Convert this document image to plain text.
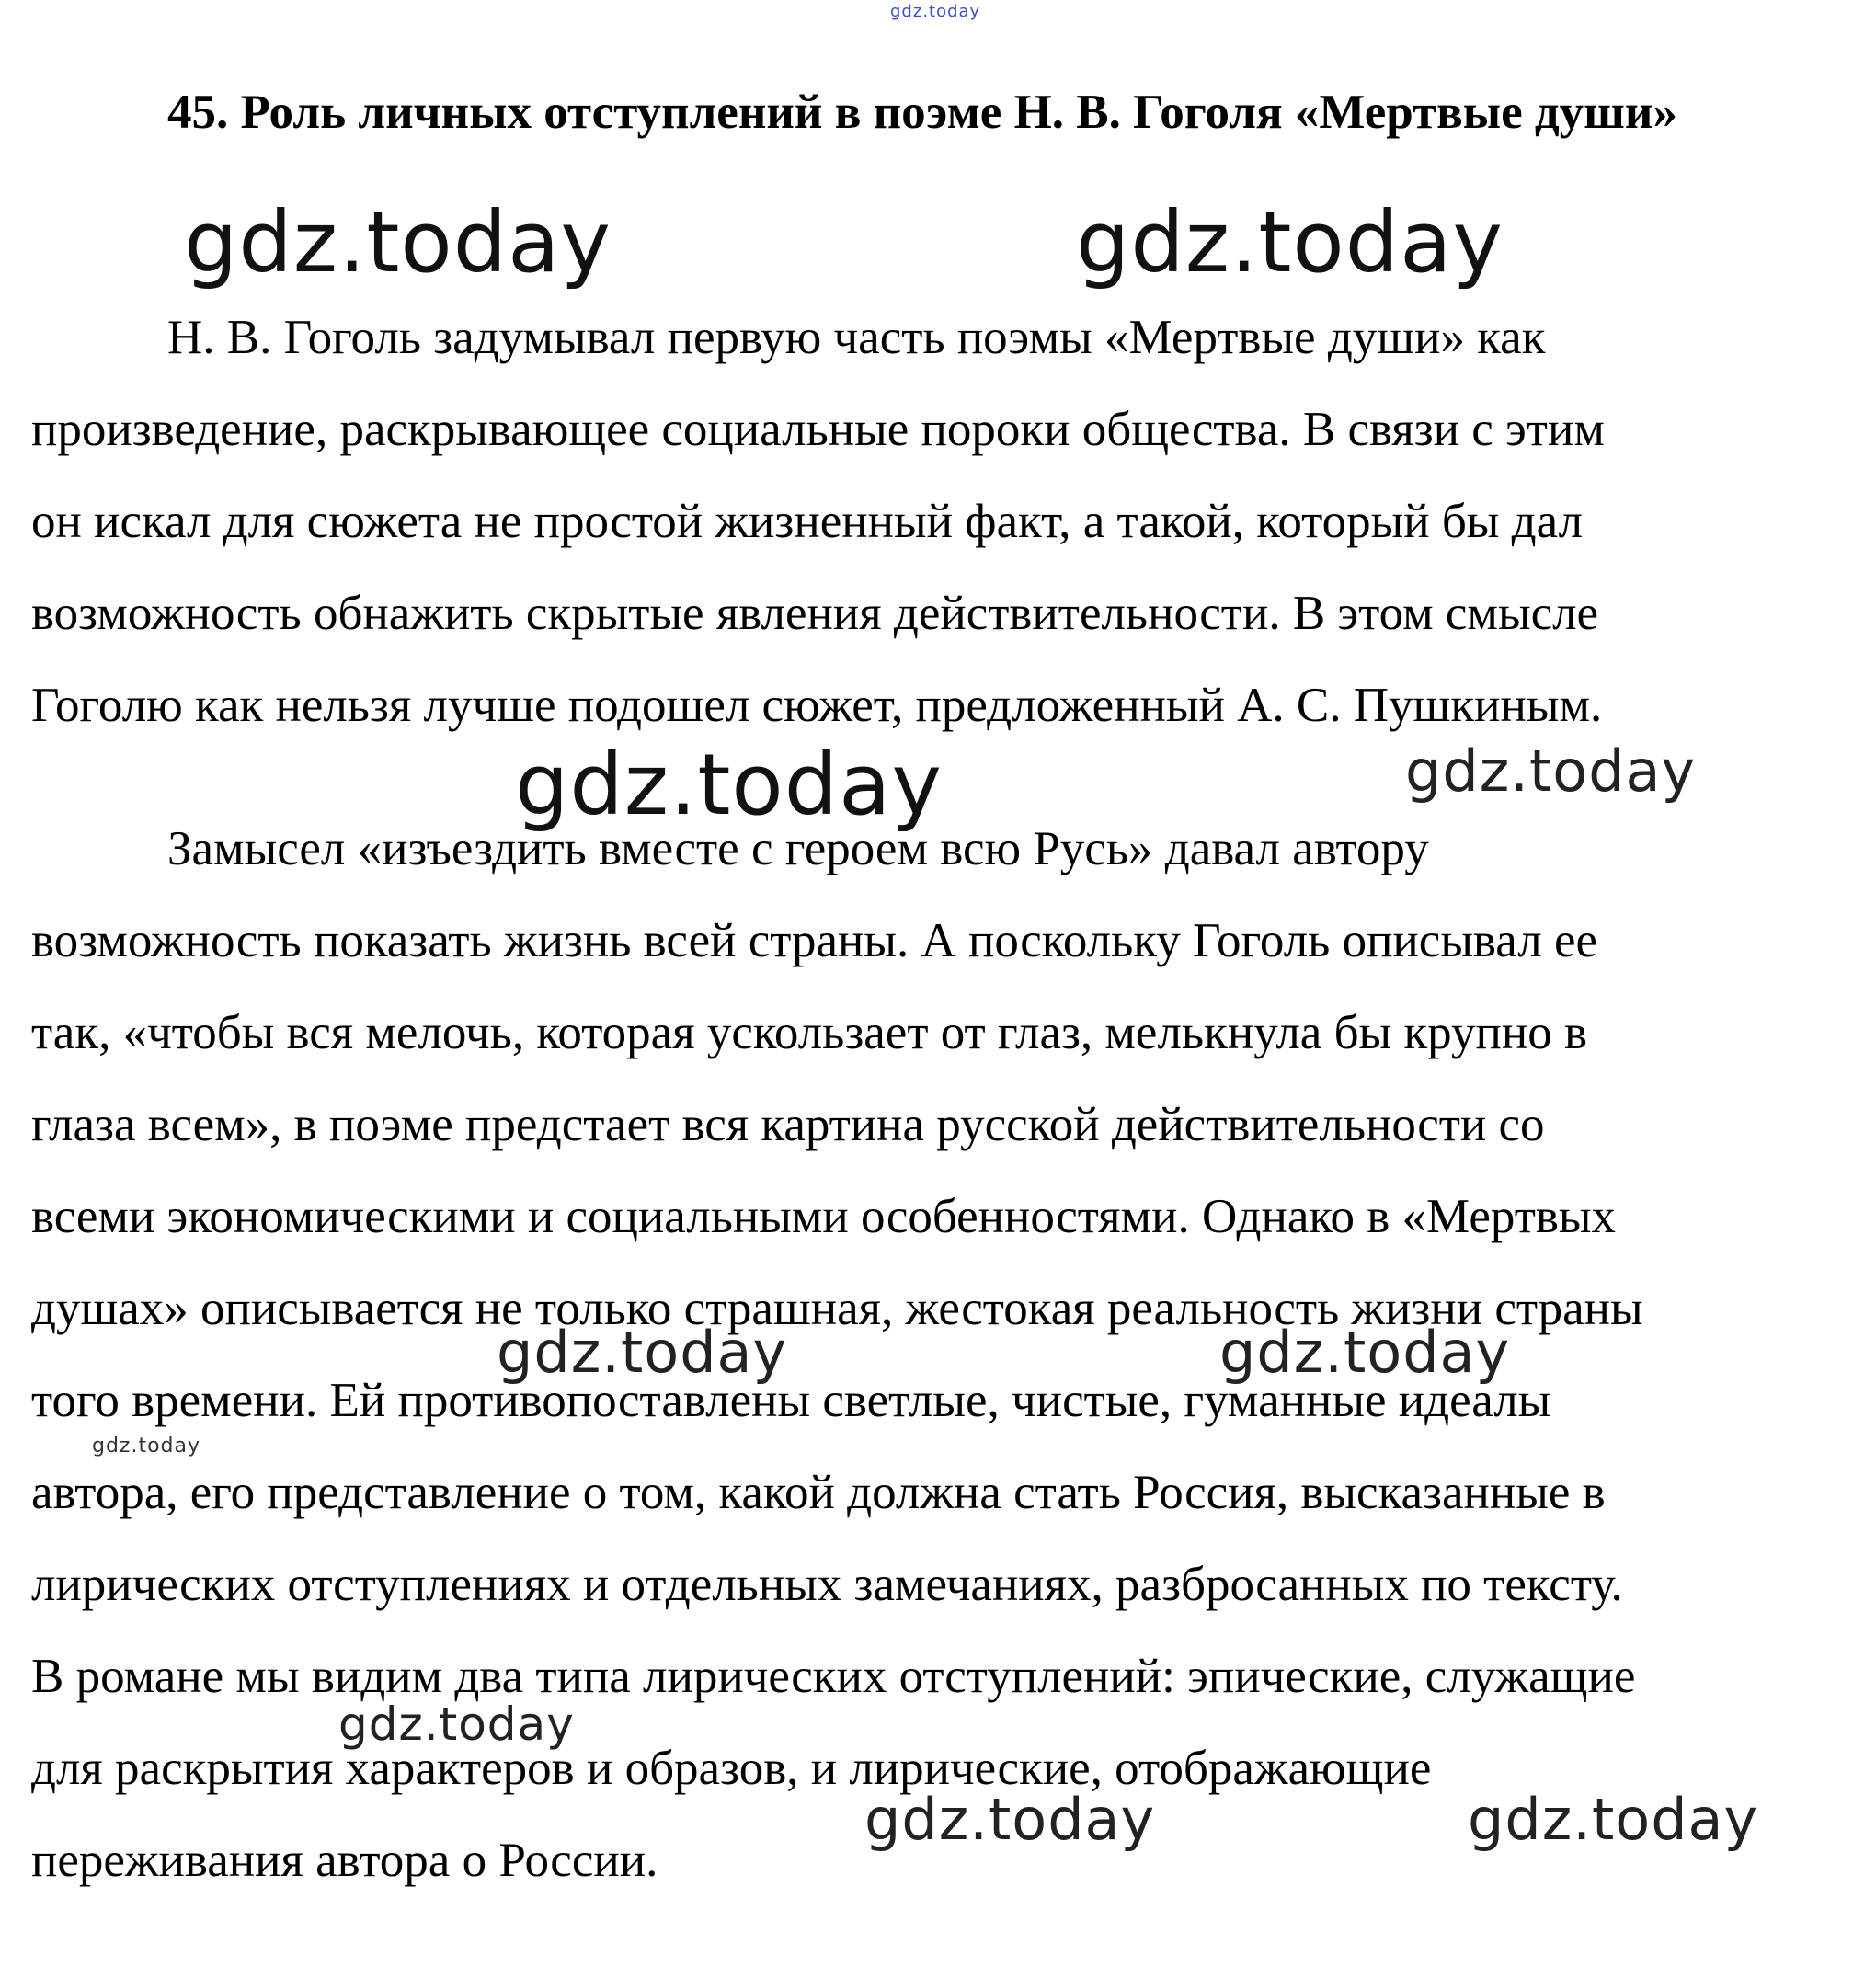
gdz.today
45. Роль личных отступлений в поэме Н. В. Гоголя «Мертвые души»
Н. В. Гоголь задумывал первую часть поэмы «Мертвые души» как
произведение, раскрывающее социальные пороки общества. В связи с этим
он искал для сюжета не простой жизненный факт, а такой, который бы дал
возможность обнажить скрытые явления действительности. В этом смысле
Гоголю как нельзя лучше подошел сюжет, предложенный А. С. Пушкиным.
Замысел «изъездить вместе с героем всю Русь» давал автору
возможность показать жизнь всей страны. А поскольку Гоголь описывал ее
так, «чтобы вся мелочь, которая ускользает от глаз, мелькнула бы крупно в
глаза всем», в поэме предстает вся картина русской действительности со
всеми экономическими и социальными особенностями. Однако в «Мертвых
душах» описывается не только страшная, жестокая реальность жизни страны
того времени. Ей противопоставлены светлые, чистые, гуманные идеалы
автора, его представление о том, какой должна стать Россия, высказанные в
лирических отступлениях и отдельных замечаниях, разбросанных по тексту.
В романе мы видим два типа лирических отступлений: эпические, служащие
для раскрытия характеров и образов, и лирические, отображающие
переживания автора о России.
gdz.today	gdz.today
gdz.today	gdz.today
gdz.today	gdz.today
gdz.today
gdz.today
gdz.today	gdz.today
